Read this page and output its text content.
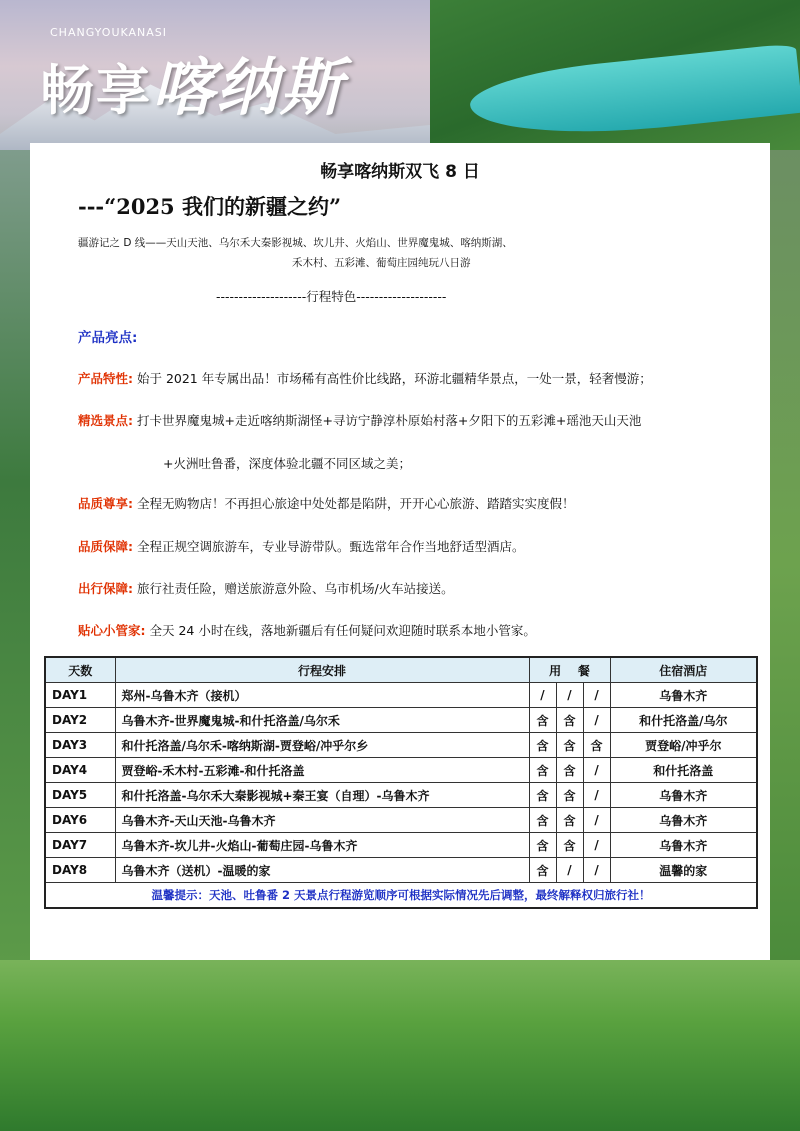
CHANGYOUKANASI
畅享喀纳斯
畅享喀纳斯双飞 8 日
---“2025 我们的新疆之约”
疆游记之 D 线——天山天池、乌尔禾大秦影视城、坎儿井、火焰山、世界魔鬼城、喀纳斯湖、
禾木村、五彩滩、葡萄庄园纯玩八日游
--------------------行程特色--------------------
产品亮点:
产品特性: 始于 2021 年专属出品！市场稀有高性价比线路，环游北疆精华景点，一处一景，轻奢慢游；
精选景点: 打卡世界魔鬼城+走近喀纳斯湖怪+寻访宁静淳朴原始村落+夕阳下的五彩滩+瑶池天山天池
+火洲吐鲁番，深度体验北疆不同区域之美；
品质尊享: 全程无购物店！不再担心旅途中处处都是陷阱，开开心心旅游、踏踏实实度假！
品质保障: 全程正规空调旅游车，专业导游带队。甄选常年合作当地舒适型酒店。
出行保障: 旅行社责任险，赠送旅游意外险、乌市机场/火车站接送。
贴心小管家: 全天 24 小时在线，落地新疆后有任何疑问欢迎随时联系本地小管家。
天数	行程安排	用    餐			住宿酒店
DAY1	郑州-乌鲁木齐（接机）	/	/	/	乌鲁木齐
DAY2	乌鲁木齐-世界魔鬼城-和什托洛盖/乌尔禾	含	含	/	和什托洛盖/乌尔
DAY3	和什托洛盖/乌尔禾-喀纳斯湖-贾登峪/冲乎尔乡	含	含	含	贾登峪/冲乎尔
DAY4	贾登峪-禾木村-五彩滩-和什托洛盖	含	含	/	和什托洛盖
DAY5	和什托洛盖-乌尔禾大秦影视城+秦王宴（自理）-乌鲁木齐	含	含	/	乌鲁木齐
DAY6	乌鲁木齐-天山天池-乌鲁木齐	含	含	/	乌鲁木齐
DAY7	乌鲁木齐-坎儿井-火焰山-葡萄庄园-乌鲁木齐	含	含	/	乌鲁木齐
DAY8	乌鲁木齐（送机）-温暖的家	含	/	/	温馨的家
温馨提示：天池、吐鲁番 2 天景点行程游览顺序可根据实际情况先后调整，最终解释权归旅行社！					
